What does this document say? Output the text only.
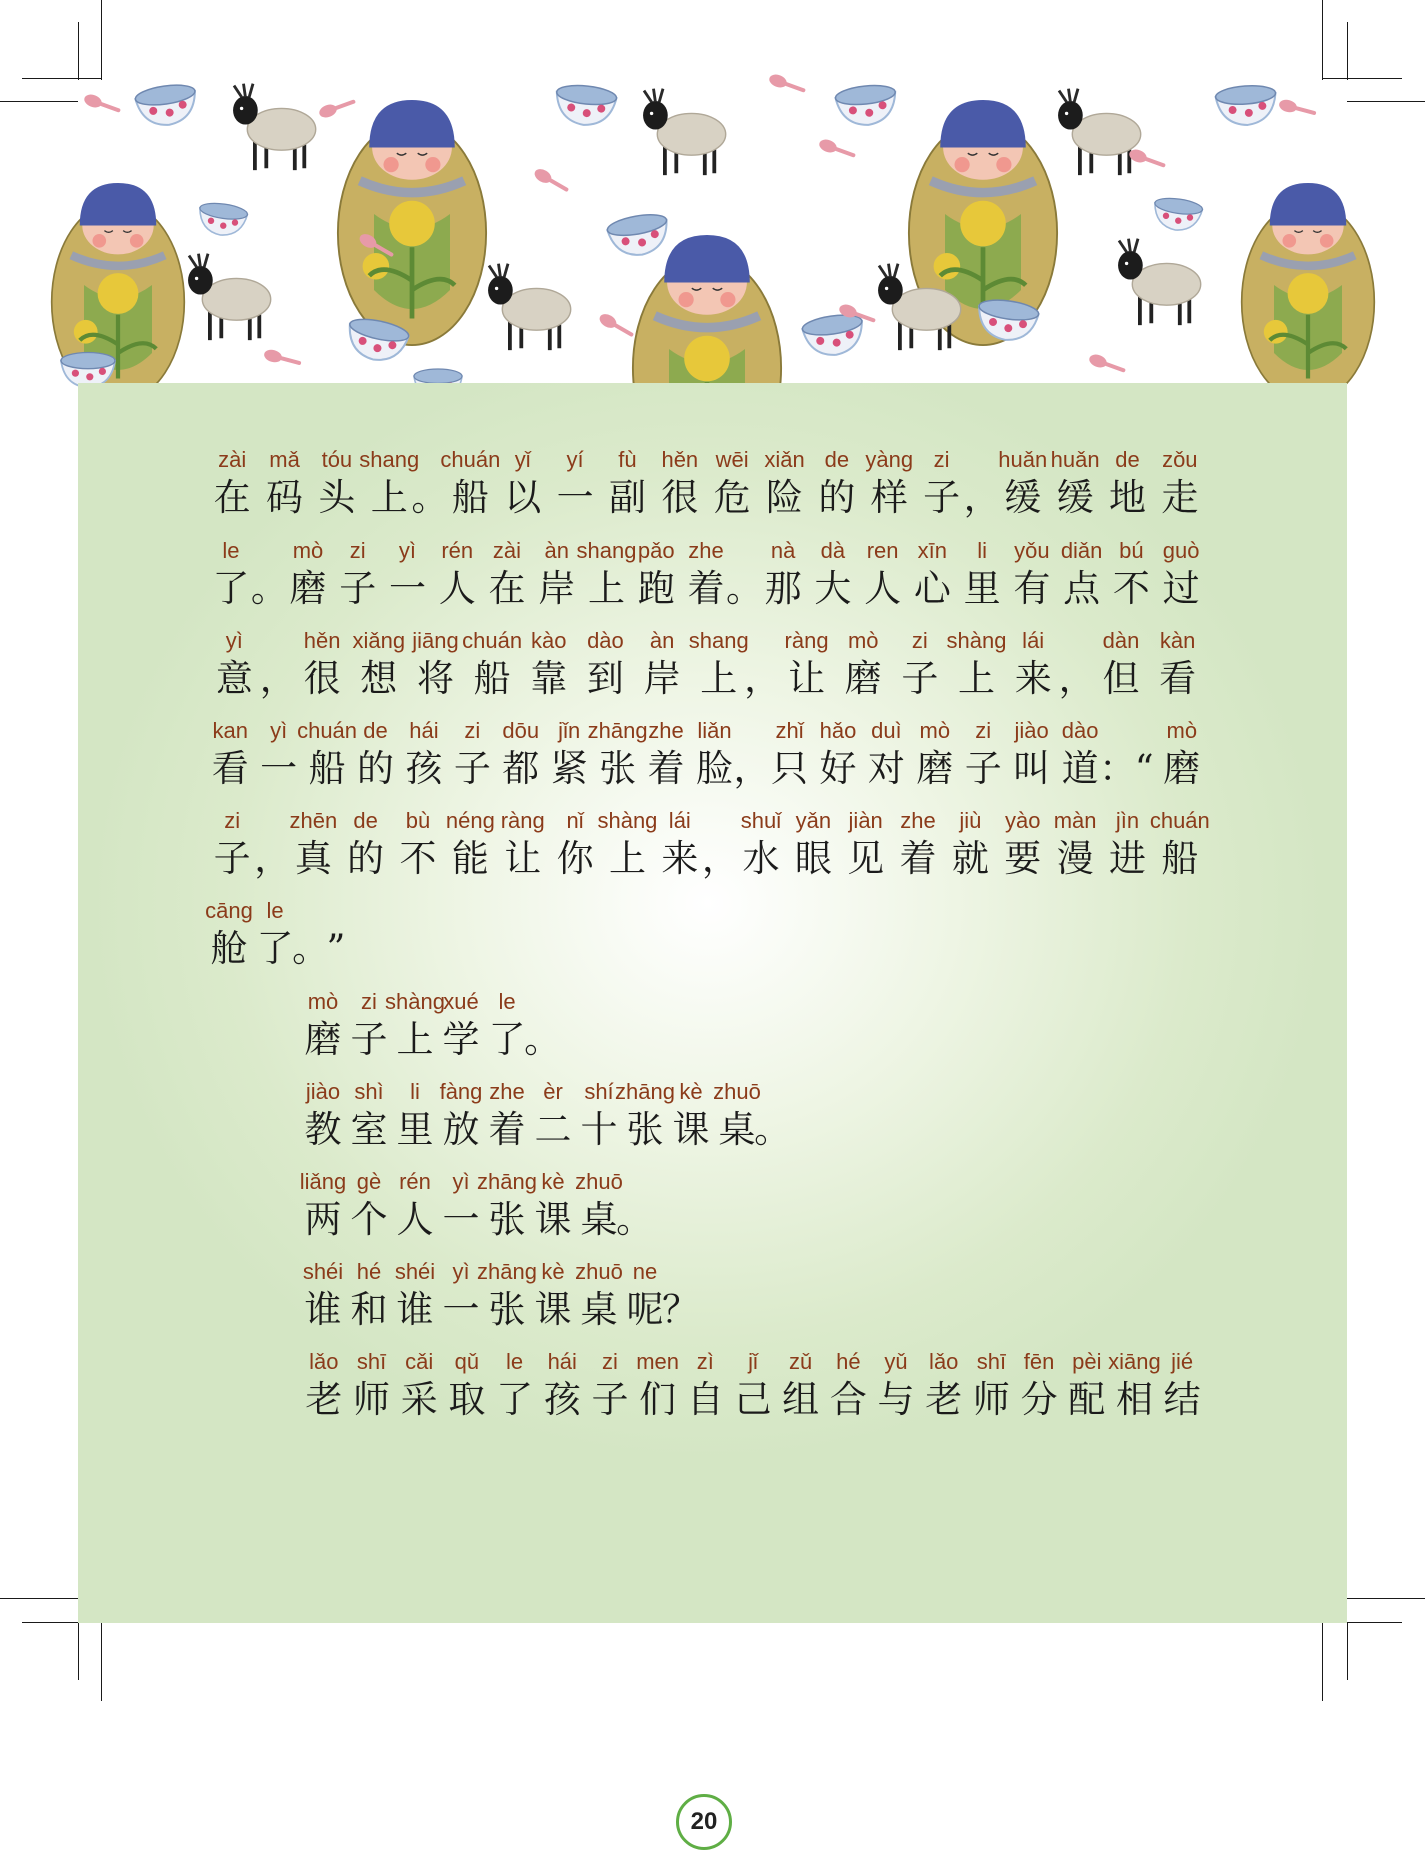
zài
在
mǎ
码
tóu
头
shang
上 。
chuán
船
yǐ
以
yí
一
fù
副
hěn
很
wēi
危
xiǎn
险
de
的
yàng
样
zi
子 ，
huǎn
缓
huǎn
缓
de
地
zǒu
走
le
了 。
mò
磨
zi
子
yì
一
rén
人
zài
在
àn
岸
shang
上
pǎo
跑
zhe
着 。
nà
那
dà
大
ren
人
xīn
心
li
里
yǒu
有
diǎn
点
bú
不
guò
过
yì
意 ，
hěn
很
xiǎng
想
jiāng
将
chuán
船
kào
靠
dào
到
àn
岸
shang
上 ，
ràng
让
mò
磨
zi
子
shàng
上
lái
来 ，
dàn
但
kàn
看
kan
看
yì
一
chuán
船
de
的
hái
孩
zi
子
dōu
都
jǐn
紧
zhāng
张
zhe
着
liǎn
脸 ，
zhǐ
只
hǎo
好
duì
对
mò
磨
zi
子
jiào
叫
dào
道 ：
“
mò
磨
zi
子 ，
zhēn
真
de
的
bù
不
néng
能
ràng
让
nǐ
你
shàng
上
lái
来 ，
shuǐ
水
yǎn
眼
jiàn
见
zhe
着
jiù
就
yào
要
màn
漫
jìn
进
chuán
船
cāng
舱
le
了
。
”
mò
磨
zi
子
shàng
上
xué
学
le
了
。
jiào
教
shì
室
li
里
fàng
放
zhe
着
èr
二
shí
十
zhāng
张
kè
课
zhuō
桌
。
liǎng
两
gè
个
rén
人
yì
一
zhāng
张
kè
课
zhuō
桌
。
shéi
谁
hé
和
shéi
谁
yì
一
zhāng
张
kè
课
zhuō
桌
ne
呢
？
lǎo
老
shī
师
cǎi
采
qǔ
取
le
了
hái
孩
zi
子
men
们
zì
自
jǐ
己
zǔ
组
hé
合
yǔ
与
lǎo
老
shī
师
fēn
分
pèi
配
xiāng
相
jié
结
20
